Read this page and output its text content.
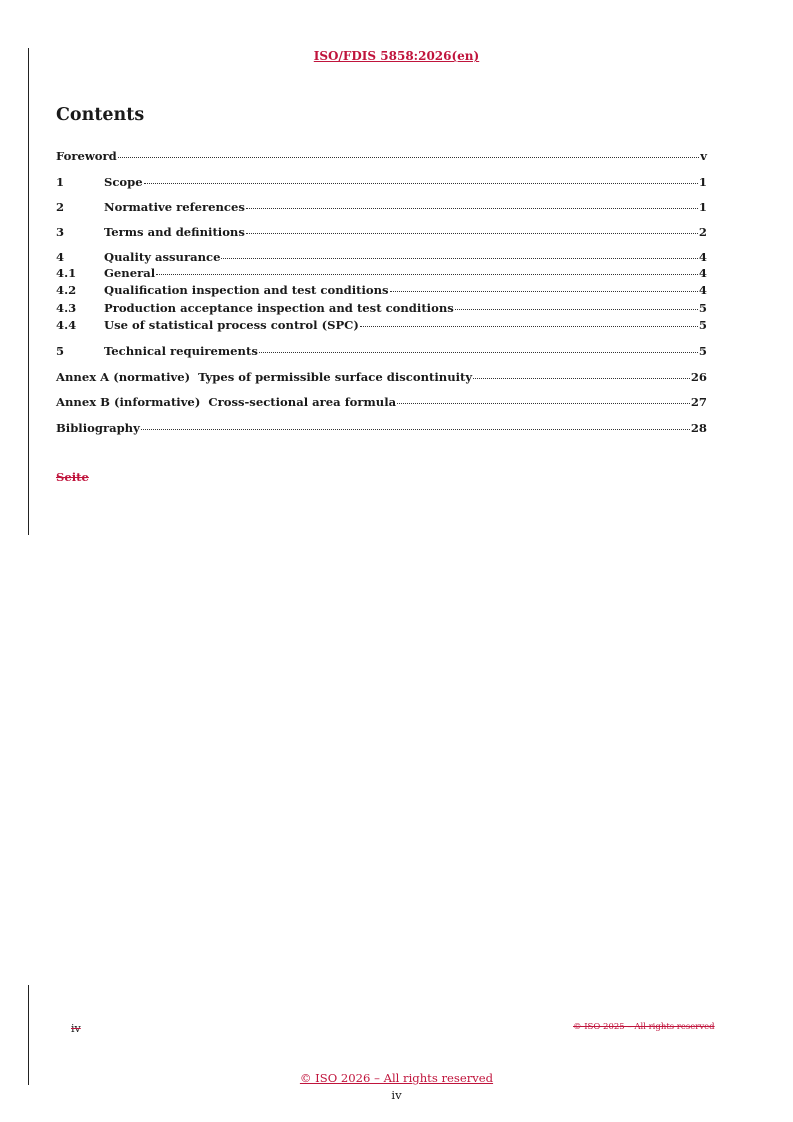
ISO/FDIS 5858:2026(en)
Contents
Foreword	v
1	Scope	1
2	Normative references	1
3	Terms and definitions	2
4	Quality assurance	4
4.1	General	4
4.2	Qualification inspection and test conditions	4
4.3	Production acceptance inspection and test conditions	5
4.4	Use of statistical process control (SPC)	5
5	Technical requirements	5
Annex A (normative)  Types of permissible surface discontinuity	26
Annex B (informative)  Cross-sectional area formula	27
Bibliography	28
Seite
iv	© ISO 2025 – All rights reserved
© ISO 2026 – All rights reserved
iv
